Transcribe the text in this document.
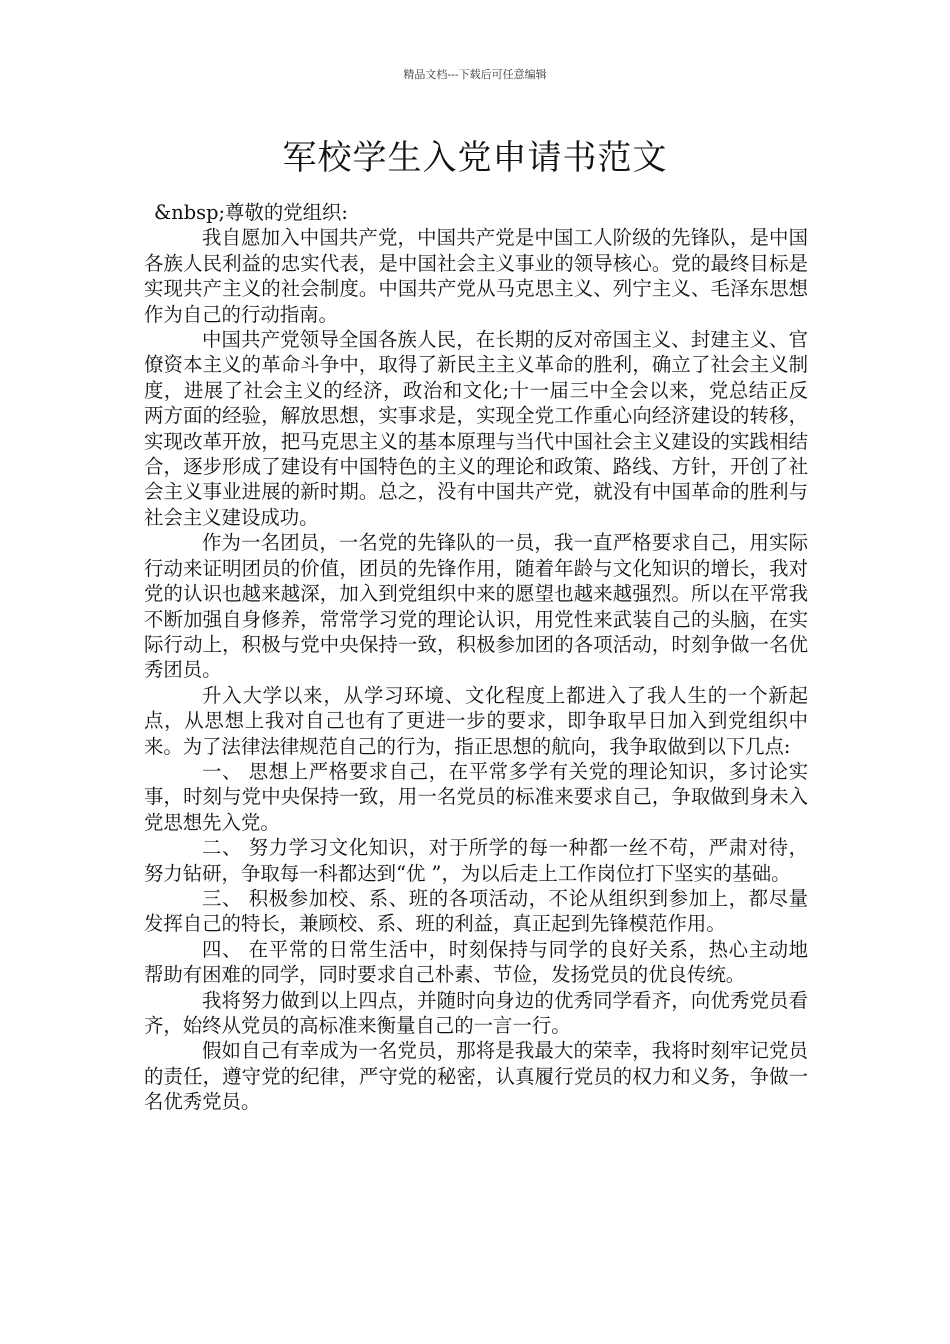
精品文档---下载后可任意编辑
军校学生入党申请书范文

&nbsp;尊敬的党组织:

我自愿加入中国共产党，中国共产党是中国工人阶级的先锋队，是中国各族人民利益的忠实代表，是中国社会主义事业的领导核心。党的最终目标是实现共产主义的社会制度。中国共产党从马克思主义、列宁主义、毛泽东思想作为自己的行动指南。

中国共产党领导全国各族人民，在长期的反对帝国主义、封建主义、官僚资本主义的革命斗争中，取得了新民主主义革命的胜利，确立了社会主义制度，进展了社会主义的经济，政治和文化;十一届三中全会以来，党总结正反两方面的经验，解放思想，实事求是，实现全党工作重心向经济建设的转移，实现改革开放，把马克思主义的基本原理与当代中国社会主义建设的实践相结合，逐步形成了建设有中国特色的主义的理论和政策、路线、方针，开创了社会主义事业进展的新时期。总之，没有中国共产党，就没有中国革命的胜利与社会主义建设成功。

作为一名团员，一名党的先锋队的一员，我一直严格要求自己，用实际行动来证明团员的价值，团员的先锋作用，随着年龄与文化知识的增长，我对党的认识也越来越深，加入到党组织中来的愿望也越来越强烈。所以在平常我不断加强自身修养，常常学习党的理论认识，用党性来武装自己的头脑，在实际行动上，积极与党中央保持一致，积极参加团的各项活动，时刻争做一名优秀团员。

升入大学以来，从学习环境、文化程度上都进入了我人生的一个新起点，从思想上我对自己也有了更进一步的要求，即争取早日加入到党组织中来。为了法律法律规范自己的行为，指正思想的航向，我争取做到以下几点:

一、 思想上严格要求自己，在平常多学有关党的理论知识，多讨论实事，时刻与党中央保持一致，用一名党员的标准来要求自己，争取做到身未入党思想先入党。

二、 努力学习文化知识，对于所学的每一种都一丝不苟，严肃对待，努力钻研，争取每一科都达到“优 ”，为以后走上工作岗位打下坚实的基础。

三、 积极参加校、系、班的各项活动，不论从组织到参加上，都尽量发挥自己的特长，兼顾校、系、班的利益，真正起到先锋模范作用。

四、 在平常的日常生活中，时刻保持与同学的良好关系，热心主动地帮助有困难的同学，同时要求自己朴素、节俭，发扬党员的优良传统。

我将努力做到以上四点，并随时向身边的优秀同学看齐，向优秀党员看齐，始终从党员的高标准来衡量自己的一言一行。

假如自己有幸成为一名党员，那将是我最大的荣幸，我将时刻牢记党员的责任，遵守党的纪律，严守党的秘密，认真履行党员的权力和义务，争做一名优秀党员。
